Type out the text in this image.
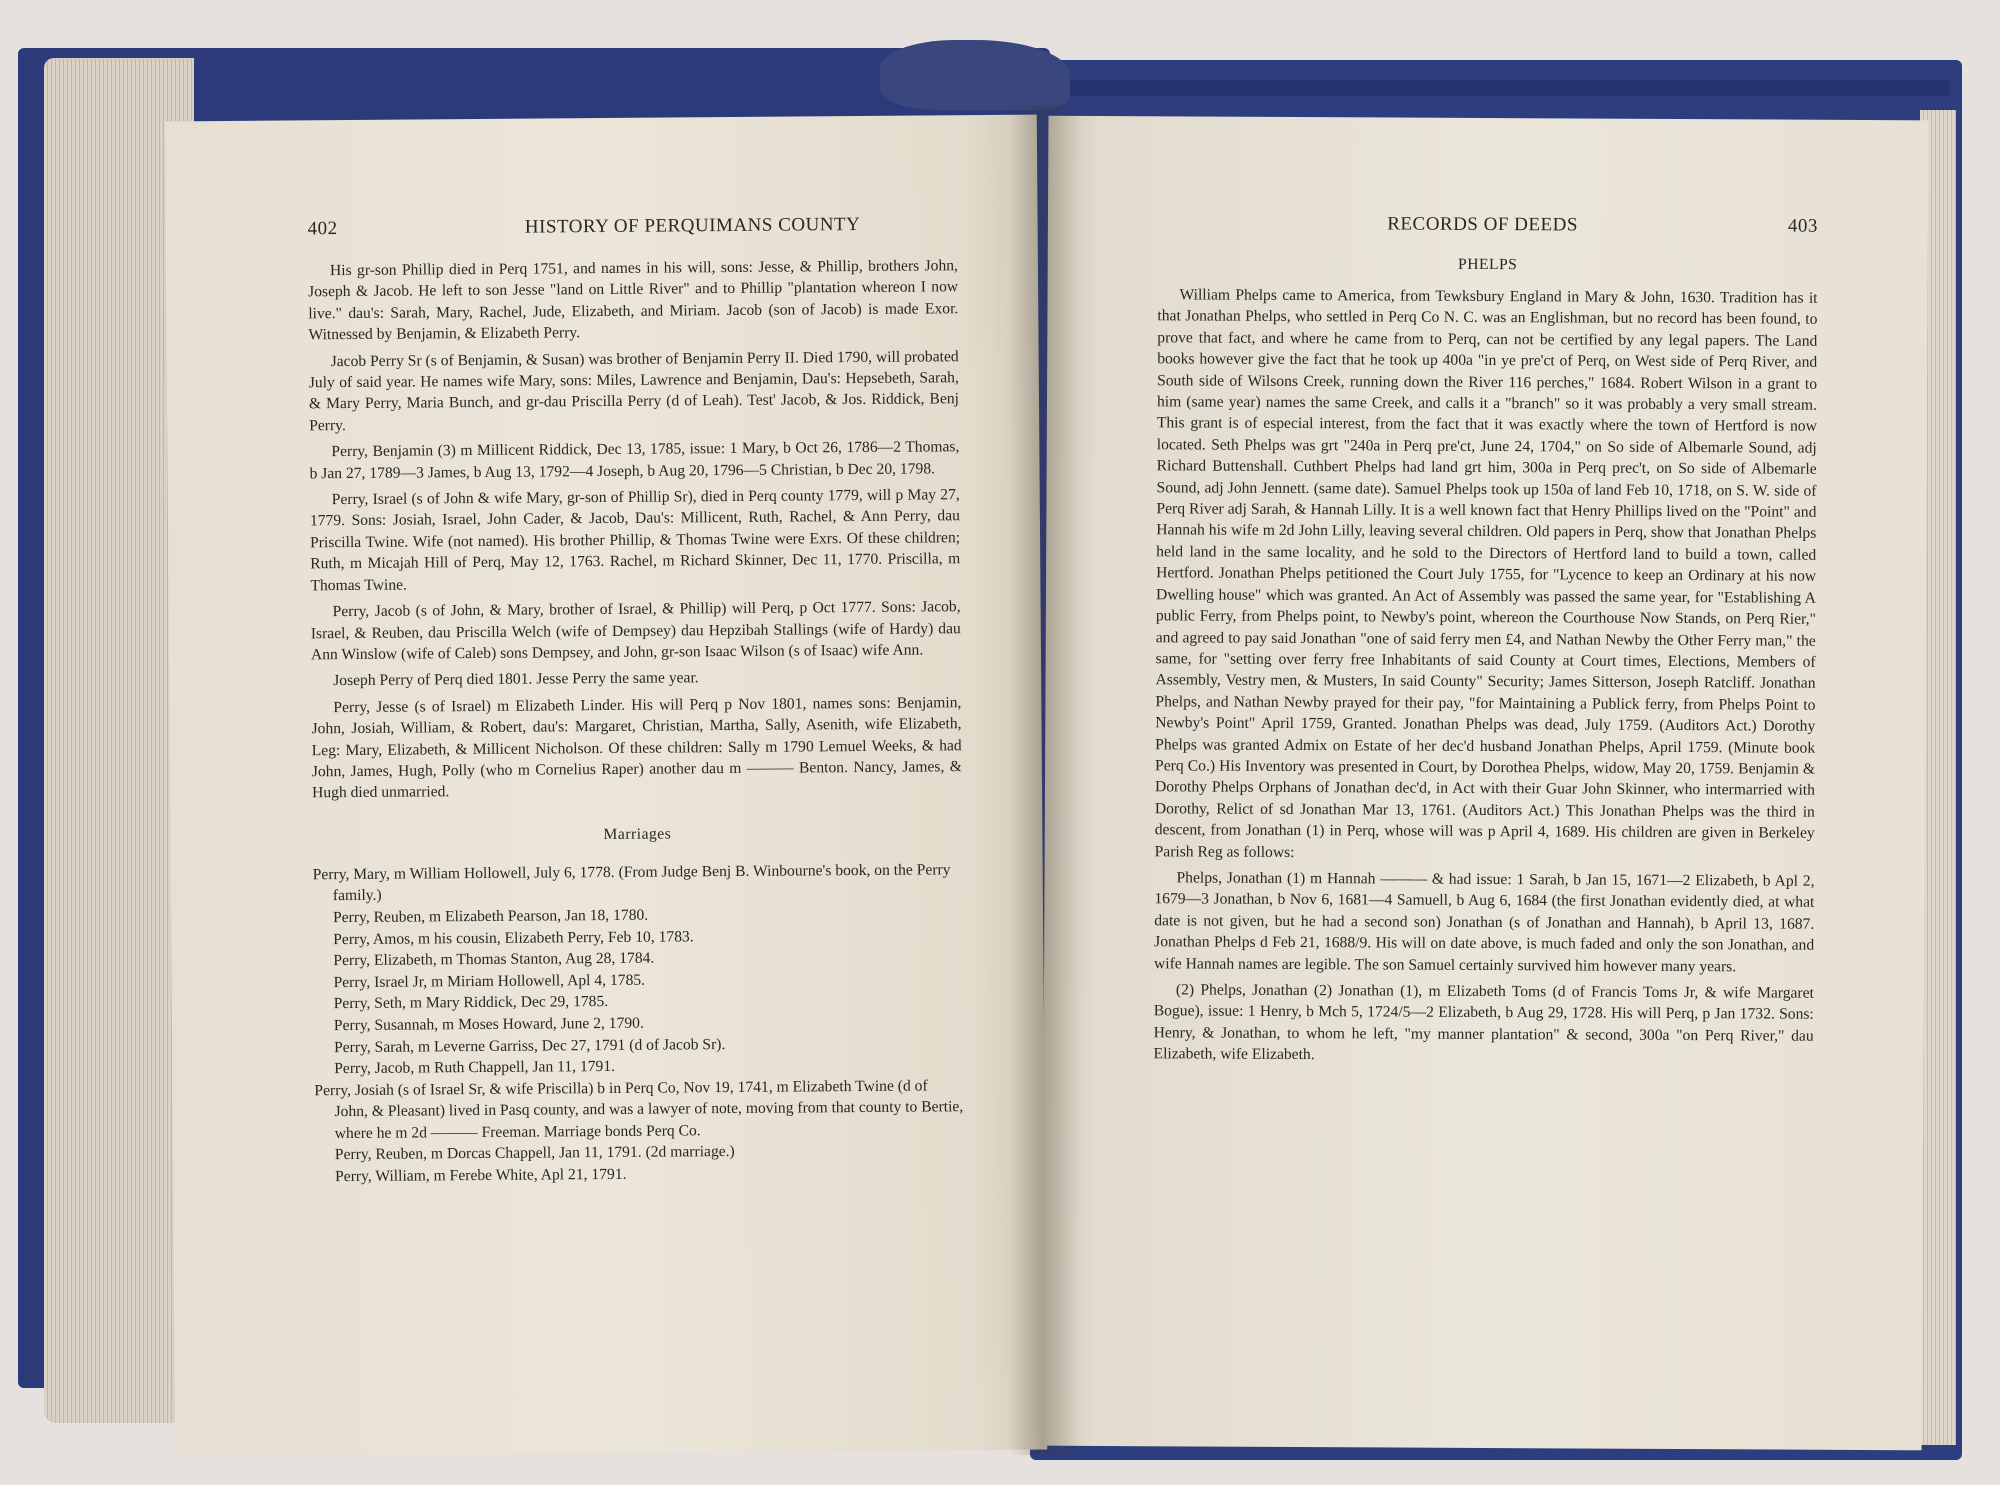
402	HISTORY OF PERQUIMANS COUNTY

His gr-son Phillip died in Perq 1751, and names in his will, sons: Jesse, & Phillip, brothers John, Joseph & Jacob. He left to son Jesse "land on Little River" and to Phillip "plantation whereon I now live." dau's: Sarah, Mary, Rachel, Jude, Elizabeth, and Miriam. Jacob (son of Jacob) is made Exor. Witnessed by Benjamin, & Elizabeth Perry.

Jacob Perry Sr (s of Benjamin, & Susan) was brother of Benjamin Perry II. Died 1790, will probated July of said year. He names wife Mary, sons: Miles, Lawrence and Benjamin, Dau's: Hepsebeth, Sarah, & Mary Perry, Maria Bunch, and gr-dau Priscilla Perry (d of Leah). Test' Jacob, & Jos. Riddick, Benj Perry.

Perry, Benjamin (3) m Millicent Riddick, Dec 13, 1785, issue: 1 Mary, b Oct 26, 1786—2 Thomas, b Jan 27, 1789—3 James, b Aug 13, 1792—4 Joseph, b Aug 20, 1796—5 Christian, b Dec 20, 1798.

Perry, Israel (s of John & wife Mary, gr-son of Phillip Sr), died in Perq county 1779, will p May 27, 1779. Sons: Josiah, Israel, John Cader, & Jacob, Dau's: Millicent, Ruth, Rachel, & Ann Perry, dau Priscilla Twine. Wife (not named). His brother Phillip, & Thomas Twine were Exrs. Of these children; Ruth, m Micajah Hill of Perq, May 12, 1763. Rachel, m Richard Skinner, Dec 11, 1770. Priscilla, m Thomas Twine.

Perry, Jacob (s of John, & Mary, brother of Israel, & Phillip) will Perq, p Oct 1777. Sons: Jacob, Israel, & Reuben, dau Priscilla Welch (wife of Dempsey) dau Hepzibah Stallings (wife of Hardy) dau Ann Winslow (wife of Caleb) sons Dempsey, and John, gr-son Isaac Wilson (s of Isaac) wife Ann.

Joseph Perry of Perq died 1801. Jesse Perry the same year.

Perry, Jesse (s of Israel) m Elizabeth Linder. His will Perq p Nov 1801, names sons: Benjamin, John, Josiah, William, & Robert, dau's: Margaret, Christian, Martha, Sally, Asenith, wife Elizabeth, Leg: Mary, Elizabeth, & Millicent Nicholson. Of these children: Sally m 1790 Lemuel Weeks, & had John, James, Hugh, Polly (who m Cornelius Raper) another dau m ——— Benton. Nancy, James, & Hugh died unmarried.

Marriages

Perry, Mary, m William Hollowell, July 6, 1778. (From Judge Benj B. Winbourne's book, on the Perry family.)

Perry, Reuben, m Elizabeth Pearson, Jan 18, 1780.

Perry, Amos, m his cousin, Elizabeth Perry, Feb 10, 1783.

Perry, Elizabeth, m Thomas Stanton, Aug 28, 1784.

Perry, Israel Jr, m Miriam Hollowell, Apl 4, 1785.

Perry, Seth, m Mary Riddick, Dec 29, 1785.

Perry, Susannah, m Moses Howard, June 2, 1790.

Perry, Sarah, m Leverne Garriss, Dec 27, 1791 (d of Jacob Sr).

Perry, Jacob, m Ruth Chappell, Jan 11, 1791.

Perry, Josiah (s of Israel Sr, & wife Priscilla) b in Perq Co, Nov 19, 1741, m Elizabeth Twine (d of John, & Pleasant) lived in Pasq county, and was a lawyer of note, moving from that county to Bertie, where he m 2d ——— Freeman. Marriage bonds Perq Co.

Perry, Reuben, m Dorcas Chappell, Jan 11, 1791. (2d marriage.)

Perry, William, m Ferebe White, Apl 21, 1791.

RECORDS OF DEEDS	403
PHELPS

William Phelps came to America, from Tewksbury England in Mary & John, 1630. Tradition has it that Jonathan Phelps, who settled in Perq Co N. C. was an Englishman, but no record has been found, to prove that fact, and where he came from to Perq, can not be certified by any legal papers. The Land books however give the fact that he took up 400a "in ye pre'ct of Perq, on West side of Perq River, and South side of Wilsons Creek, running down the River 116 perches," 1684. Robert Wilson in a grant to him (same year) names the same Creek, and calls it a "branch" so it was probably a very small stream. This grant is of especial interest, from the fact that it was exactly where the town of Hertford is now located. Seth Phelps was grt "240a in Perq pre'ct, June 24, 1704," on So side of Albemarle Sound, adj Richard Buttenshall. Cuthbert Phelps had land grt him, 300a in Perq prec't, on So side of Albemarle Sound, adj John Jennett. (same date). Samuel Phelps took up 150a of land Feb 10, 1718, on S. W. side of Perq River adj Sarah, & Hannah Lilly. It is a well known fact that Henry Phillips lived on the "Point" and Hannah his wife m 2d John Lilly, leaving several children. Old papers in Perq, show that Jonathan Phelps held land in the same locality, and he sold to the Directors of Hertford land to build a town, called Hertford. Jonathan Phelps petitioned the Court July 1755, for "Lycence to keep an Ordinary at his now Dwelling house" which was granted. An Act of Assembly was passed the same year, for "Establishing A public Ferry, from Phelps point, to Newby's point, whereon the Courthouse Now Stands, on Perq Rier," and agreed to pay said Jonathan "one of said ferry men £4, and Nathan Newby the Other Ferry man," the same, for "setting over ferry free Inhabitants of said County at Court times, Elections, Members of Assembly, Vestry men, & Musters, In said County" Security; James Sitterson, Joseph Ratcliff. Jonathan Phelps, and Nathan Newby prayed for their pay, "for Maintaining a Publick ferry, from Phelps Point to Newby's Point" April 1759, Granted. Jonathan Phelps was dead, July 1759. (Auditors Act.) Dorothy Phelps was granted Admix on Estate of her dec'd husband Jonathan Phelps, April 1759. (Minute book Perq Co.) His Inventory was presented in Court, by Dorothea Phelps, widow, May 20, 1759. Benjamin & Dorothy Phelps Orphans of Jonathan dec'd, in Act with their Guar John Skinner, who intermarried with Dorothy, Relict of sd Jonathan Mar 13, 1761. (Auditors Act.) This Jonathan Phelps was the third in descent, from Jonathan (1) in Perq, whose will was p April 4, 1689. His children are given in Berkeley Parish Reg as follows:

Phelps, Jonathan (1) m Hannah ——— & had issue: 1 Sarah, b Jan 15, 1671—2 Elizabeth, b Apl 2, 1679—3 Jonathan, b Nov 6, 1681—4 Samuell, b Aug 6, 1684 (the first Jonathan evidently died, at what date is not given, but he had a second son) Jonathan (s of Jonathan and Hannah), b April 13, 1687. Jonathan Phelps d Feb 21, 1688/9. His will on date above, is much faded and only the son Jonathan, and wife Hannah names are legible. The son Samuel certainly survived him however many years.

(2) Phelps, Jonathan (2) Jonathan (1), m Elizabeth Toms (d of Francis Toms Jr, & wife Margaret Bogue), issue: 1 Henry, b Mch 5, 1724/5—2 Elizabeth, b Aug 29, 1728. His will Perq, p Jan 1732. Sons: Henry, & Jonathan, to whom he left, "my manner plantation" & second, 300a "on Perq River," dau Elizabeth, wife Elizabeth.
